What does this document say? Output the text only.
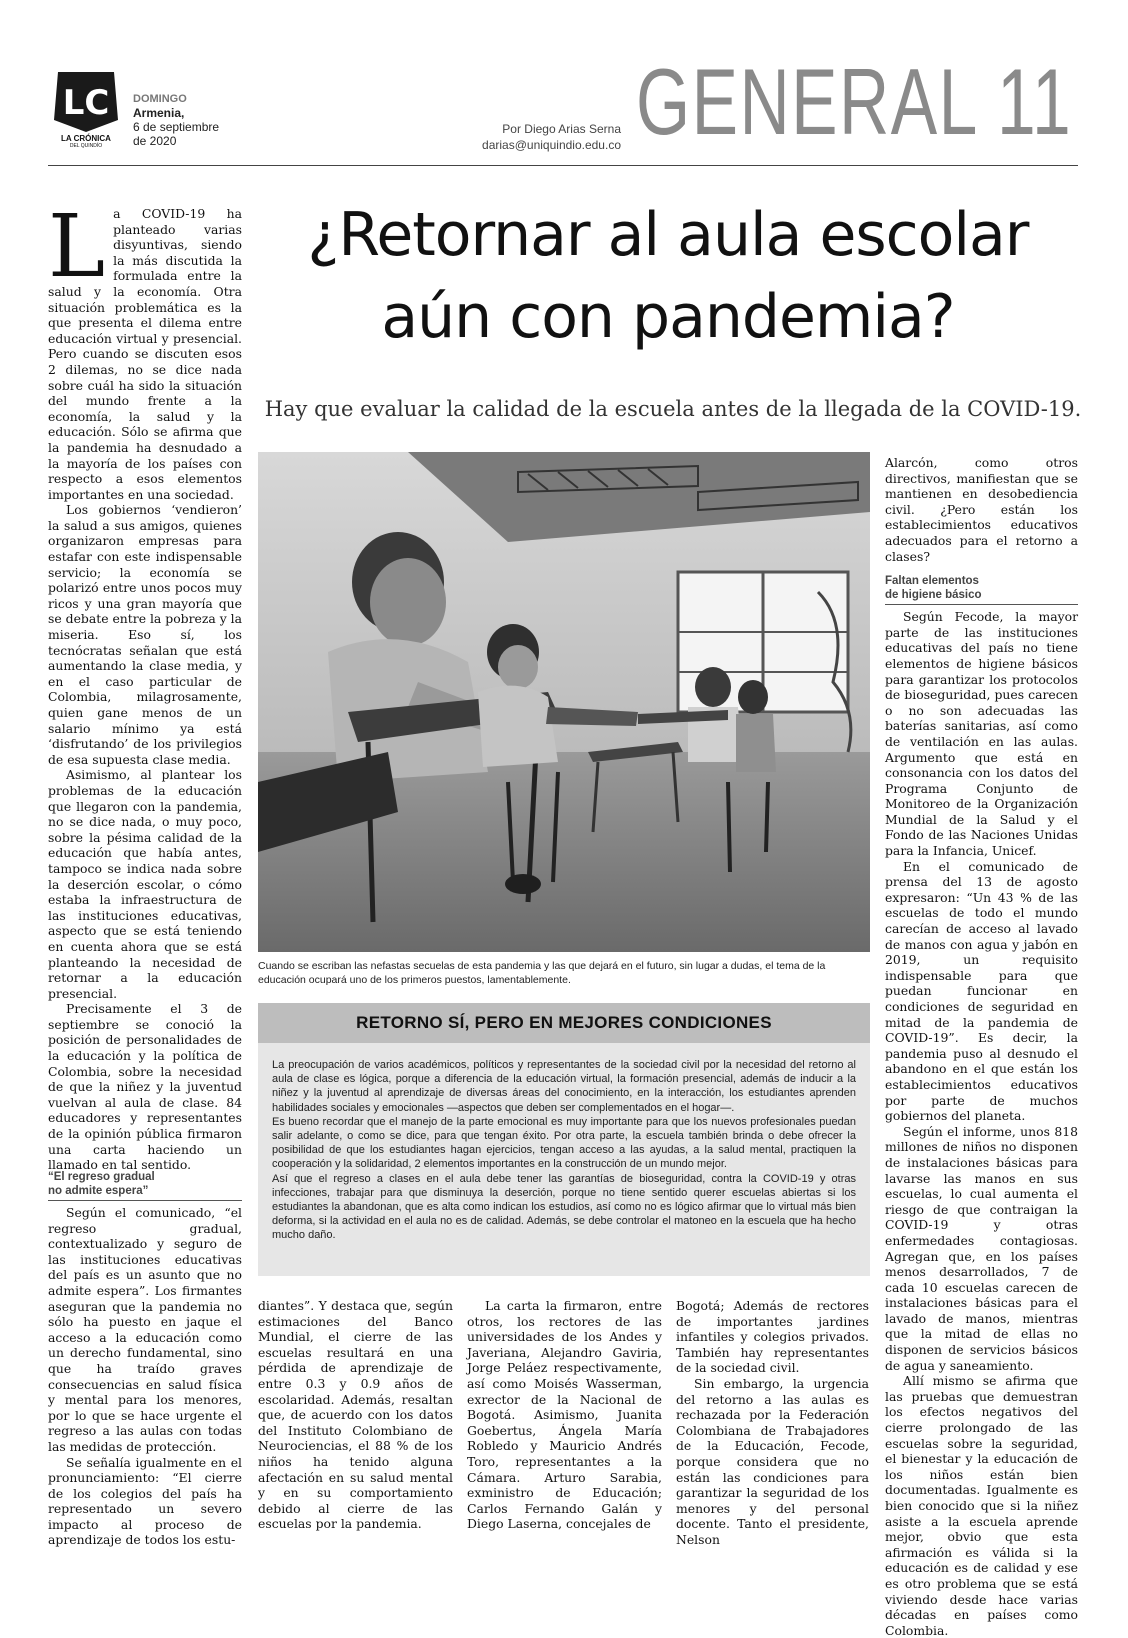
LC
LA CRÓNICA
DEL QUINDÍO
DOMINGO
Armenia,
6 de septiembre
de 2020
Por Diego Arias Serna
darias@uniquindio.edu.co GENERAL 11
¿Retornar al aula escolar
aún con pandemia?
Hay que evaluar la calidad de la escuela antes de la llegada de la COVID-19.
L a COVID-19 ha planteado varias disyuntivas, siendo la más discutida la formulada entre la salud y la economía. Otra situación problemática es la que presenta el dilema entre educación virtual y presencial. Pero cuando se discuten esos 2 dilemas, no se dice nada sobre cuál ha sido la situación del mundo frente a la economía, la salud y la educación. Sólo se afirma que la pandemia ha desnudado a la mayoría de los países con respecto a esos elementos importantes en una sociedad.

Los gobiernos ‘vendieron’ la salud a sus amigos, quienes organizaron empresas para estafar con este indispensable servicio; la economía se polarizó entre unos pocos muy ricos y una gran mayoría que se debate entre la pobreza y la miseria. Eso sí, los tecnócratas señalan que está aumentando la clase media, y en el caso particular de Colombia, milagrosamente, quien gane menos de un salario mínimo ya está ‘disfrutando’ de los privilegios de esa supuesta clase media.

Asimismo, al plantear los problemas de la educación que llegaron con la pandemia, no se dice nada, o muy poco, sobre la pésima calidad de la educación que había antes, tampoco se indica nada sobre la deserción escolar, o cómo estaba la infraestructura de las instituciones educativas, aspecto que se está teniendo en cuenta ahora que se está planteando la necesidad de retornar a la educación presencial.

Precisamente el 3 de septiembre se conoció la posición de personalidades de la educación y la política de Colombia, sobre la necesidad de que la niñez y la juventud vuelvan al aula de clase. 84 educadores y representantes de la opinión pública firmaron una carta haciendo un llamado en tal sentido.

“El regreso gradual
no admite espera”

Según el comunicado, “el regreso gradual, contextualizado y seguro de las instituciones educativas del país es un asunto que no admite espera”. Los firmantes aseguran que la pandemia no sólo ha puesto en jaque el acceso a la educación como un derecho fundamental, sino que ha traído graves consecuencias en salud física y mental para los menores, por lo que se hace urgente el regreso a las aulas con todas las medidas de protección.

Se señalía igualmente en el pronunciamiento: “El cierre de los colegios del país ha representado un severo impacto al proceso de aprendizaje de todos los estu-

Cuando se escriban las nefastas secuelas de esta pandemia y las que dejará en el futuro, sin lugar a dudas, el tema de la educación ocupará uno de los primeros puestos, lamentablemente.
RETORNO SÍ, PERO EN MEJORES CONDICIONES

La preocupación de varios académicos, políticos y representantes de la sociedad civil por la necesidad del retorno al aula de clase es lógica, porque a diferencia de la educación virtual, la formación presencial, además de inducir a la niñez y la juventud al aprendizaje de diversas áreas del conocimiento, en la interacción, los estudiantes aprenden habilidades sociales y emocionales —aspectos que deben ser complementados en el hogar—.

Es bueno recordar que el manejo de la parte emocional es muy importante para que los nuevos profesionales puedan salir adelante, o como se dice, para que tengan éxito. Por otra parte, la escuela también brinda o debe ofrecer la posibilidad de que los estudiantes hagan ejercicios, tengan acceso a las ayudas, a la salud mental, practiquen la cooperación y la solidaridad, 2 elementos importantes en la construcción de un mundo mejor.

Así que el regreso a clases en el aula debe tener las garantías de bioseguridad, contra la COVID-19 y otras infecciones, trabajar para que disminuya la deserción, porque no tiene sentido querer escuelas abiertas si los estudiantes la abandonan, que es alta como indican los estudios, así como no es lógico afirmar que lo virtual más bien deforma, si la actividad en el aula no es de calidad. Además, se debe controlar el matoneo en la escuela que ha hecho mucho daño.

diantes”. Y destaca que, según estimaciones del Banco Mundial, el cierre de las escuelas resultará en una pérdida de aprendizaje de entre 0.3 y 0.9 años de escolaridad. Además, resaltan que, de acuerdo con los datos del Instituto Colombiano de Neurociencias, el 88 % de los niños ha tenido alguna afectación en su salud mental y en su comportamiento debido al cierre de las escuelas por la pandemia.

La carta la firmaron, entre otros, los rectores de las universidades de los Andes y Javeriana, Alejandro Gaviria, Jorge Peláez respectivamente, así como Moisés Wasserman, exrector de la Nacional de Bogotá. Asimismo, Juanita Goebertus, Ángela María Robledo y Mauricio Andrés Toro, representantes a la Cámara. Arturo Sarabia, exministro de Educación; Carlos Fernando Galán y Diego Laserna, concejales de

Bogotá; Además de rectores de importantes jardines infantiles y colegios privados. También hay representantes de la sociedad civil.

Sin embargo, la urgencia del retorno a las aulas es rechazada por la Federación Colombiana de Trabajadores de la Educación, Fecode, porque considera que no están las condiciones para garantizar la seguridad de los menores y del personal docente. Tanto el presidente, Nelson

Alarcón, como otros directivos, manifiestan que se mantienen en desobediencia civil. ¿Pero están los establecimientos educativos adecuados para el retorno a clases?

Faltan elementos
de higiene básico

Según Fecode, la mayor parte de las instituciones educativas del país no tiene elementos de higiene básicos para garantizar los protocolos de bioseguridad, pues carecen o no son adecuadas las baterías sanitarias, así como de ventilación en las aulas. Argumento que está en consonancia con los datos del Programa Conjunto de Monitoreo de la Organización Mundial de la Salud y el Fondo de las Naciones Unidas para la Infancia, Unicef.

En el comunicado de prensa del 13 de agosto expresaron: “Un 43 % de las escuelas de todo el mundo carecían de acceso al lavado de manos con agua y jabón en 2019, un requisito indispensable para que puedan funcionar en condiciones de seguridad en mitad de la pandemia de COVID-19”. Es decir, la pandemia puso al desnudo el abandono en el que están los establecimientos educativos por parte de muchos gobiernos del planeta.

Según el informe, unos 818 millones de niños no disponen de instalaciones básicas para lavarse las manos en sus escuelas, lo cual aumenta el riesgo de que contraigan la COVID-19 y otras enfermedades contagiosas. Agregan que, en los países menos desarrollados, 7 de cada 10 escuelas carecen de instalaciones básicas para el lavado de manos, mientras que la mitad de ellas no disponen de servicios básicos de agua y saneamiento.

Allí mismo se afirma que las pruebas que demuestran los efectos negativos del cierre prolongado de las escuelas sobre la seguridad, el bienestar y la educación de los niños están bien documentadas. Igualmente es bien conocido que si la niñez asiste a la escuela aprende mejor, obvio que esta afirmación es válida si la educación es de calidad y ese es otro problema que se está viviendo desde hace varias décadas en países como Colombia.
